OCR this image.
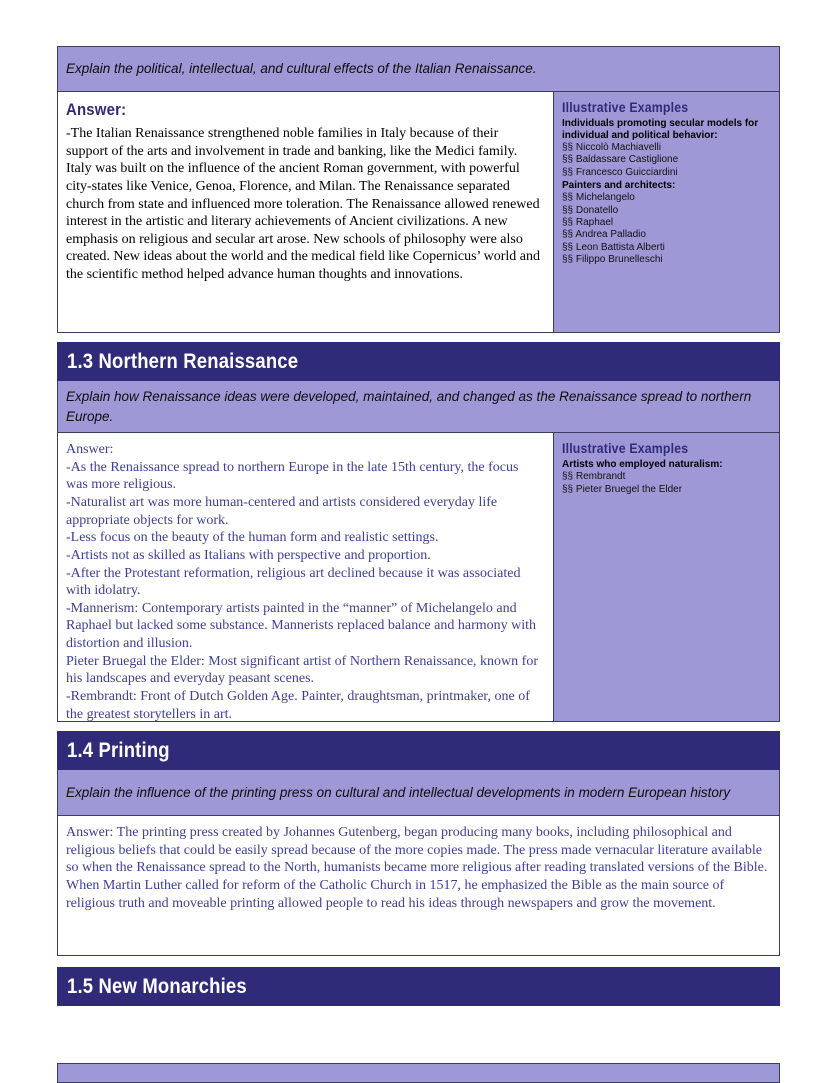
Explain the political, intellectual, and cultural effects of the Italian Renaissance.
Answer:
-The Italian Renaissance strengthened noble families in Italy because of their support of the arts and involvement in trade and banking, like the Medici family. Italy was built on the influence of the ancient Roman government, with powerful city-states like Venice, Genoa, Florence, and Milan. The Renaissance separated church from state and influenced more toleration. The Renaissance allowed renewed interest in the artistic and literary achievements of Ancient civilizations. A new emphasis on religious and secular art arose. New schools of philosophy were also created. New ideas about the world and the medical field like Copernicus’ world and the scientific method helped advance human thoughts and innovations.
Illustrative Examples
Individuals promoting secular models for individual and political behavior:
§§ Niccolò Machiavelli
§§ Baldassare Castiglione
§§ Francesco Guicciardini
Painters and architects:
§§ Michelangelo
§§ Donatello
§§ Raphael
§§ Andrea Palladio
§§ Leon Battista Alberti
§§ Filippo Brunelleschi
1.3 Northern Renaissance
Explain how Renaissance ideas were developed, maintained, and changed as the Renaissance spread to northern Europe.
Answer:
-As the Renaissance spread to northern Europe in the late 15th century, the focus was more religious.
-Naturalist art was more human-centered and artists considered everyday life appropriate objects for work.
-Less focus on the beauty of the human form and realistic settings.
-Artists not as skilled as Italians with perspective and proportion.
-After the Protestant reformation, religious art declined because it was associated with idolatry.
-Mannerism: Contemporary artists painted in the “manner” of Michelangelo and Raphael but lacked some substance. Mannerists replaced balance and harmony with distortion and illusion.
Pieter Bruegal the Elder: Most significant artist of Northern Renaissance, known for his landscapes and everyday peasant scenes.
-Rembrandt: Front of Dutch Golden Age. Painter, draughtsman, printmaker, one of the greatest storytellers in art.
Illustrative Examples
Artists who employed naturalism:
§§ Rembrandt
§§ Pieter Bruegel the Elder
1.4 Printing
Explain the influence of the printing press on cultural and intellectual developments in modern European history
Answer: The printing press created by Johannes Gutenberg, began producing many books, including philosophical and religious beliefs that could be easily spread because of the more copies made. The press made vernacular literature available so when the Renaissance spread to the North, humanists became more religious after reading translated versions of the Bible. When Martin Luther called for reform of the Catholic Church in 1517, he emphasized the Bible as the main source of religious truth and moveable printing allowed people to read his ideas through newspapers and grow the movement.
1.5 New Monarchies
